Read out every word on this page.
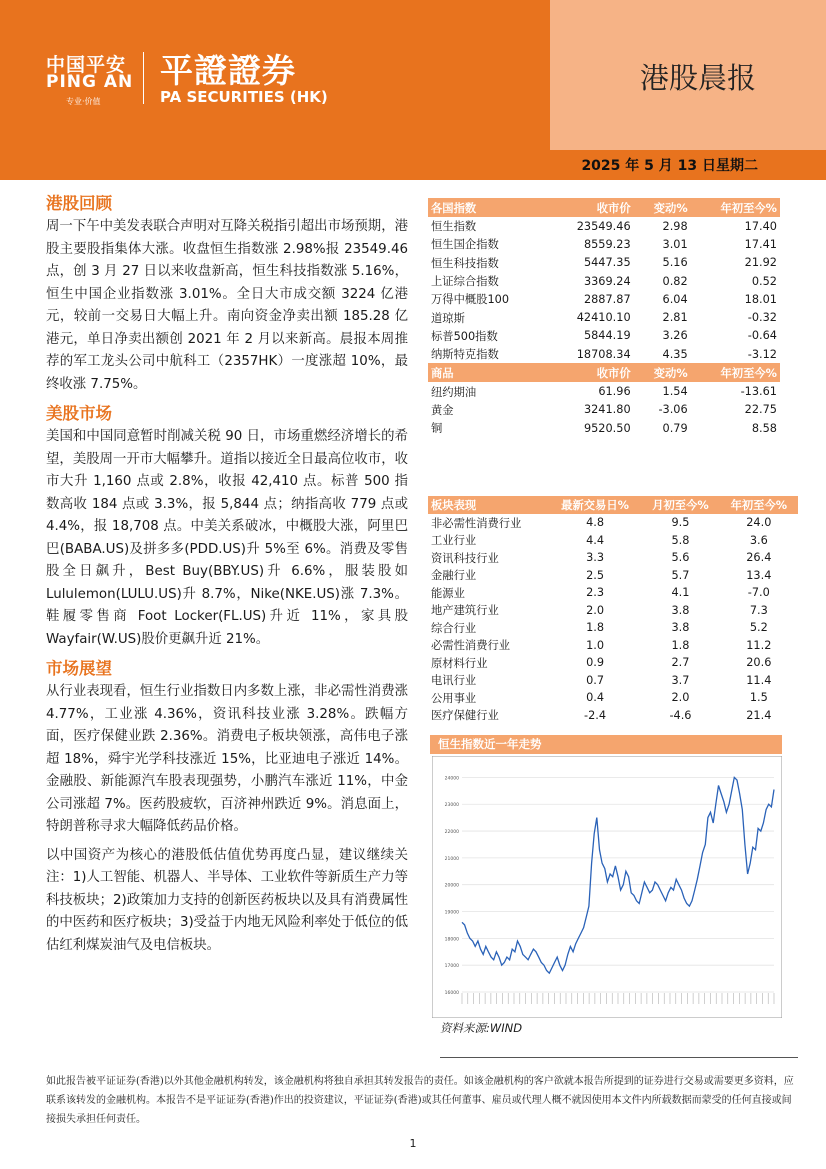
中国平安
PING AN
专业·价值
平證證券
PA SECURITIES (HK)
港股晨报
2025 年 5 月 13 日星期二
港股回顾

周一下午中美发表联合声明对互降关税指引超出市场预期，港股主要股指集体大涨。收盘恒生指数涨 2.98%报 23549.46 点，创 3 月 27 日以来收盘新高，恒生科技指数涨 5.16%，恒生中国企业指数涨 3.01%。全日大市成交额 3224 亿港元，较前一交易日大幅上升。南向资金净卖出额 185.28 亿港元，单日净卖出额创 2021 年 2 月以来新高。晨报本周推荐的军工龙头公司中航科工（2357HK）一度涨超 10%，最终收涨 7.75%。

美股市场

美国和中国同意暂时削减关税 90 日，市场重燃经济增长的希望，美股周一开市大幅攀升。道指以接近全日最高位收市，收市大升 1,160 点或 2.8%，收报 42,410 点。标普 500 指数高收 184 点或 3.3%，报 5,844 点；纳指高收 779 点或 4.4%，报 18,708 点。中美关系破冰，中概股大涨，阿里巴巴(BABA.US)及拼多多(PDD.US)升 5%至 6%。消费及零售股全日飙升，Best Buy(BBY.US)升 6.6%，服装股如 Lululemon(LULU.US)升 8.7%，Nike(NKE.US)涨 7.3%。鞋履零售商 Foot Locker(FL.US)升近 11%，家具股 Wayfair(W.US)股价更飙升近 21%。

市场展望

从行业表现看，恒生行业指数日内多数上涨，非必需性消费涨 4.77%，工业涨 4.36%，资讯科技业涨 3.28%。跌幅方面，医疗保健业跌 2.36%。消费电子板块领涨，高伟电子涨超 18%，舜宇光学科技涨近 15%，比亚迪电子涨近 14%。金融股、新能源汽车股表现强势，小鹏汽车涨近 11%，中金公司涨超 7%。医药股疲软，百济神州跌近 9%。消息面上，特朗普称寻求大幅降低药品价格。

以中国资产为核心的港股低估值优势再度凸显，建议继续关注：1)人工智能、机器人、半导体、工业软件等新质生产力等科技板块；2)政策加力支持的创新医药板块以及具有消费属性的中医药和医疗板块；3)受益于内地无风险利率处于低位的低估红利煤炭油气及电信板块。

各国指数	收市价	变动%	年初至今%
恒生指数	23549.46	2.98	17.40
恒生国企指数	8559.23	3.01	17.41
恒生科技指数	5447.35	5.16	21.92
上证综合指数	3369.24	0.82	0.52
万得中概股100	2887.87	6.04	18.01
道琼斯	42410.10	2.81	-0.32
标普500指数	5844.19	3.26	-0.64
纳斯特克指数	18708.34	4.35	-3.12
商品	收市价	变动%	年初至今%
纽约期油	61.96	1.54	-13.61
黄金	3241.80	-3.06	22.75
铜	9520.50	0.79	8.58
板块表现	最新交易日%	月初至今%	年初至今%
非必需性消费行业	4.8	9.5	24.0
工业行业	4.4	5.8	3.6
资讯科技行业	3.3	5.6	26.4
金融行业	2.5	5.7	13.4
能源业	2.3	4.1	-7.0
地产建筑行业	2.0	3.8	7.3
综合行业	1.8	3.8	5.2
必需性消费行业	1.0	1.8	11.2
原材料行业	0.9	2.7	20.6
电讯行业	0.7	3.7	11.4
公用事业	0.4	2.0	1.5
医疗保健行业	-2.4	-4.6	21.4
恒生指数近一年走势
16000
17000
18000
19000
20000
21000
22000
23000
24000
资料来源:WIND
如此报告被平证证券(香港)以外其他金融机构转发，该金融机构将独自承担其转发报告的责任。如该金融机构的客户欲就本报告所提到的证券进行交易或需要更多资料，应联系该转发的金融机构。本报告不是平证证券(香港)作出的投资建议，平证证券(香港)或其任何董事、雇员或代理人概不就因使用本文件内所载数据而蒙受的任何直接或间接损失承担任何责任。
1
